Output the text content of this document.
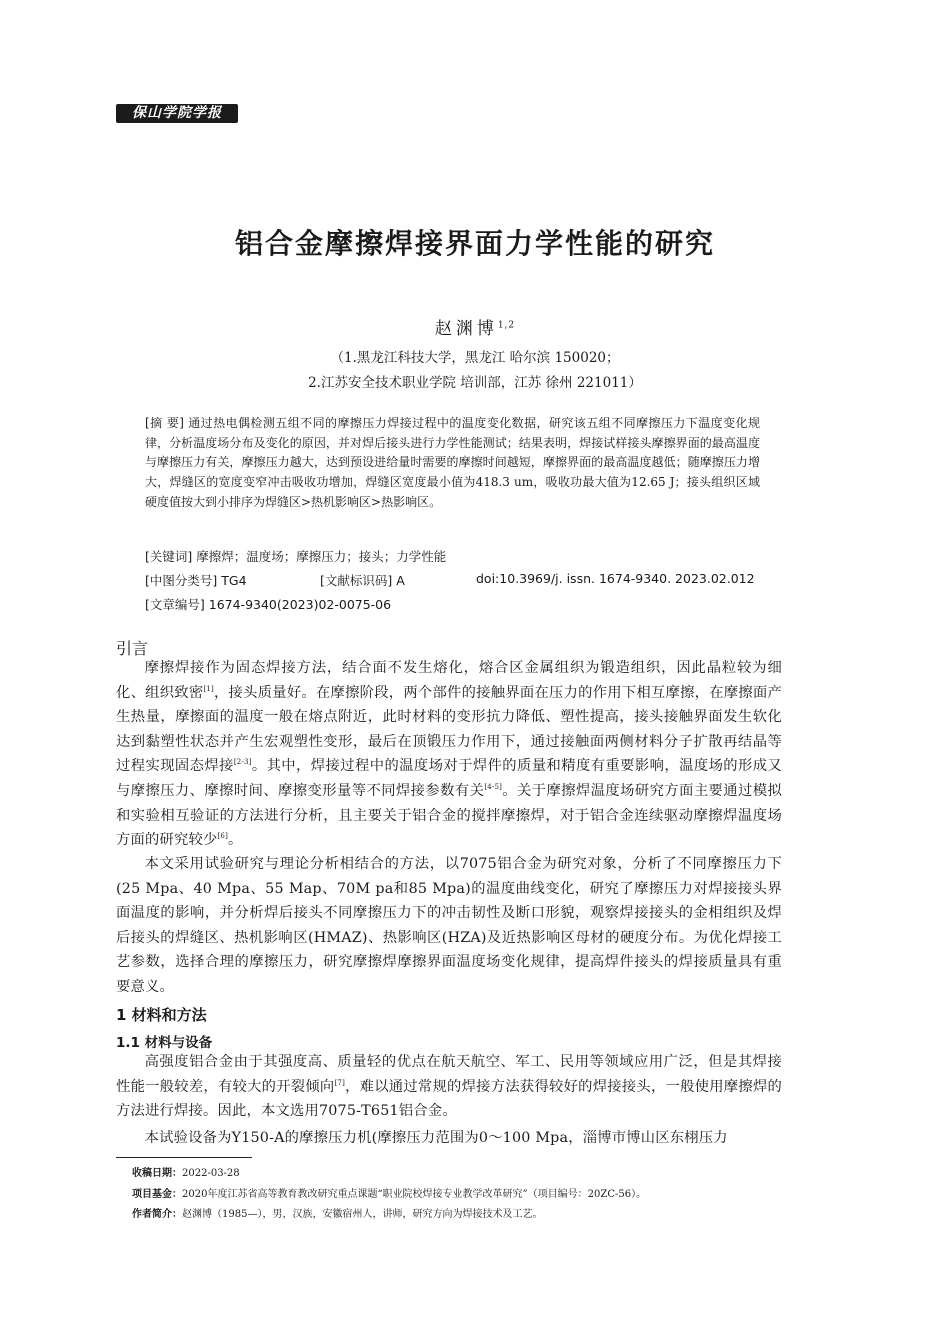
保山学院学报
铝合金摩擦焊接界面力学性能的研究
赵渊博$^{1,2}$
（1.黑龙江科技大学，黑龙江 哈尔滨 150020；
2.江苏安全技术职业学院 培训部，江苏 徐州 221011）
[摘 要] 通过热电偶检测五组不同的摩擦压力焊接过程中的温度变化数据，研究该五组不同摩擦压力下温度变化规律，分析温度场分布及变化的原因，并对焊后接头进行力学性能测试；结果表明，焊接试样接头摩擦界面的最高温度与摩擦压力有关，摩擦压力越大，达到预设进给量时需要的摩擦时间越短，摩擦界面的最高温度越低；随摩擦压力增大，焊缝区的宽度变窄冲击吸收功增加，焊缝区宽度最小值为418.3 um，吸收功最大值为12.65 J；接头组织区域硬度值按大到小排序为焊缝区>热机影响区>热影响区。
[关键词] 摩擦焊；温度场；摩擦压力；接头；力学性能
[中图分类号] TG4	[文献标识码] A	doi:10.3969/j. issn. 1674-9340. 2023.02.012
[文章编号] 1674-9340(2023)02-0075-06
引言
摩擦焊接作为固态焊接方法，结合面不发生熔化，熔合区金属组织为锻造组织，因此晶粒较为细化、组织致密[1]，接头质量好。在摩擦阶段，两个部件的接触界面在压力的作用下相互摩擦，在摩擦面产生热量，摩擦面的温度一般在熔点附近，此时材料的变形抗力降低、塑性提高，接头接触界面发生软化达到黏塑性状态并产生宏观塑性变形，最后在顶锻压力作用下，通过接触面两侧材料分子扩散再结晶等过程实现固态焊接[2-3]。其中，焊接过程中的温度场对于焊件的质量和精度有重要影响，温度场的形成又与摩擦压力、摩擦时间、摩擦变形量等不同焊接参数有关[4-5]。关于摩擦焊温度场研究方面主要通过模拟和实验相互验证的方法进行分析，且主要关于铝合金的搅拌摩擦焊，对于铝合金连续驱动摩擦焊温度场方面的研究较少[6]。
本文采用试验研究与理论分析相结合的方法，以7075铝合金为研究对象，分析了不同摩擦压力下(25 Mpa、40 Mpa、55 Map、70M pa和85 Mpa)的温度曲线变化，研究了摩擦压力对焊接接头界面温度的影响，并分析焊后接头不同摩擦压力下的冲击韧性及断口形貌，观察焊接接头的金相组织及焊后接头的焊缝区、热机影响区(HMAZ)、热影响区(HZA)及近热影响区母材的硬度分布。为优化焊接工艺参数，选择合理的摩擦压力，研究摩擦焊摩擦界面温度场变化规律，提高焊件接头的焊接质量具有重要意义。
1 材料和方法
1.1 材料与设备
高强度铝合金由于其强度高、质量轻的优点在航天航空、军工、民用等领域应用广泛，但是其焊接性能一般较差，有较大的开裂倾向[7]，难以通过常规的焊接方法获得较好的焊接接头，一般使用摩擦焊的方法进行焊接。因此，本文选用7075-T651铝合金。
本试验设备为Y150-A的摩擦压力机(摩擦压力范围为0～100 Mpa，淄博市博山区东栩压力
收稿日期：2022-03-28
项目基金：2020年度江苏省高等教育教改研究重点课题“职业院校焊接专业教学改革研究”（项目编号：20ZC-56）。
作者简介：赵渊博（1985—），男，汉族，安徽宿州人，讲师，研究方向为焊接技术及工艺。
